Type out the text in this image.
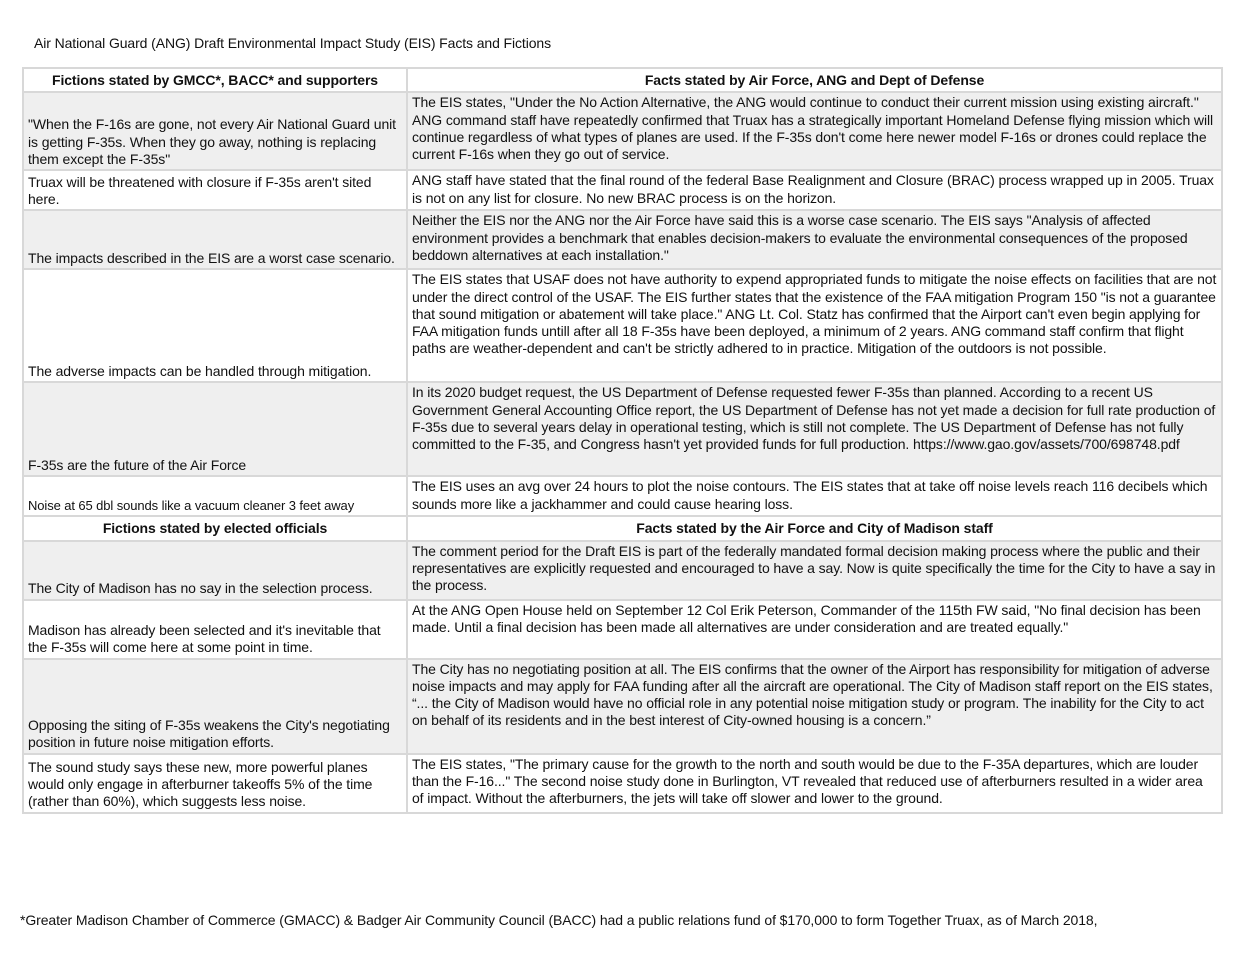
Air National Guard (ANG) Draft Environmental Impact Study (EIS) Facts and Fictions
Fictions stated by GMCC*, BACC* and supporters	Facts stated by Air Force, ANG and Dept of Defense
"When the F-16s are gone, not every Air National Guard unit is getting F-35s. When they go away, nothing is replacing them except the F-35s"	The EIS states, "Under the No Action Alternative, the ANG would continue to conduct their current mission using existing aircraft." ANG command staff have repeatedly confirmed that Truax has a strategically important Homeland Defense flying mission which will continue regardless of what types of planes are used. If the F-35s don't come here newer model F-16s or drones could replace the current F-16s when they go out of service.
Truax will be threatened with closure if F-35s aren't sited here.	ANG staff have stated that the final round of the federal Base Realignment and Closure (BRAC) process wrapped up in 2005. Truax is not on any list for closure. No new BRAC process is on the horizon.
The impacts described in the EIS are a worst case scenario.	Neither the EIS nor the ANG nor the Air Force have said this is a worse case scenario. The EIS says "Analysis of affected environment provides a benchmark that enables decision-makers to evaluate the environmental consequences of the proposed beddown alternatives at each installation."
The adverse impacts can be handled through mitigation.	The EIS states that USAF does not have authority to expend appropriated funds to mitigate the noise effects on facilities that are not under the direct control of the USAF. The EIS further states that the existence of the FAA mitigation Program 150 "is not a guarantee that sound mitigation or abatement will take place." ANG Lt. Col. Statz has confirmed that the Airport can't even begin applying for FAA mitigation funds untill after all 18 F-35s have been deployed, a minimum of 2 years. ANG command staff confirm that flight paths are weather-dependent and can't be strictly adhered to in practice. Mitigation of the outdoors is not possible.
F-35s are the future of the Air Force	In its 2020 budget request, the US Department of Defense requested fewer F-35s than planned. According to a recent US Government General Accounting Office report, the US Department of Defense has not yet made a decision for full rate production of F-35s due to several years delay in operational testing, which is still not complete. The US Department of Defense has not fully committed to the F-35, and Congress hasn't yet provided funds for full production. https://www.gao.gov/assets/700/698748.pdf
Noise at 65 dbl sounds like a vacuum cleaner 3 feet away	The EIS uses an avg over 24 hours to plot the noise contours. The EIS states that at take off noise levels reach 116 decibels which sounds more like a jackhammer and could cause hearing loss.
Fictions stated by elected officials	Facts stated by the Air Force and City of Madison staff
The City of Madison has no say in the selection process.	The comment period for the Draft EIS is part of the federally mandated formal decision making process where the public and their representatives are explicitly requested and encouraged to have a say. Now is quite specifically the time for the City to have a say in the process.
Madison has already been selected and it's inevitable that the F-35s will come here at some point in time.	At the ANG Open House held on September 12 Col Erik Peterson, Commander of the 115th FW said, "No final decision has been made. Until a final decision has been made all alternatives are under consideration and are treated equally."
Opposing the siting of F-35s weakens the City's negotiating position in future noise mitigation efforts.	The City has no negotiating position at all. The EIS confirms that the owner of the Airport has responsibility for mitigation of adverse noise impacts and may apply for FAA funding after all the aircraft are operational. The City of Madison staff report on the EIS states, “... the City of Madison would have no official role in any potential noise mitigation study or program. The inability for the City to act on behalf of its residents and in the best interest of City-owned housing is a concern.”
The sound study says these new, more powerful planes would only engage in afterburner takeoffs 5% of the time (rather than 60%), which suggests less noise.	The EIS states, "The primary cause for the growth to the north and south would be due to the F-35A departures, which are louder than the F-16..." The second noise study done in Burlington, VT revealed that reduced use of afterburners resulted in a wider area of impact. Without the afterburners, the jets will take off slower and lower to the ground.
*Greater Madison Chamber of Commerce (GMACC) & Badger Air Community Council (BACC) had a public relations fund of $170,000 to form Together Truax, as of March 2018,
